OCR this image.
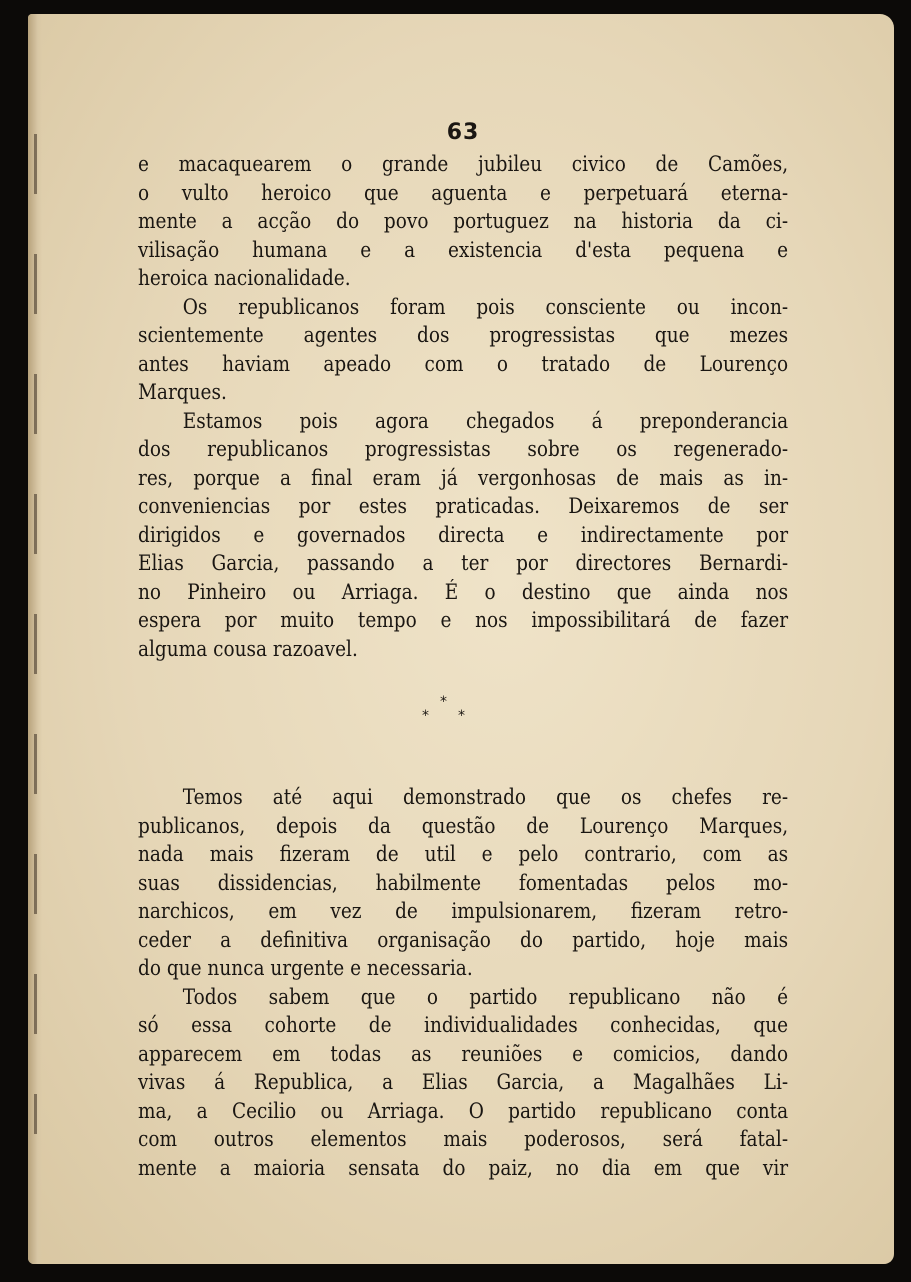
63
e macaquearem o grande jubileu civico de Camões,
o vulto heroico que aguenta e perpetuará eterna-
mente a acção do povo portuguez na historia da ci-
vilisação humana e a existencia d'esta pequena e
heroica nacionalidade.
Os republicanos foram pois consciente ou incon-
scientemente agentes dos progressistas que mezes
antes haviam apeado com o tratado de Lourenço
Marques.
Estamos pois agora chegados á preponderancia
dos republicanos progressistas sobre os regenerado-
res, porque a final eram já vergonhosas de mais as in-
conveniencias por estes praticadas. Deixaremos de ser
dirigidos e governados directa e indirectamente por
Elias Garcia, passando a ter por directores Bernardi-
no Pinheiro ou Arriaga. É o destino que ainda nos
espera por muito tempo e nos impossibilitará de fazer
alguma cousa razoavel.
*
* *
Temos até aqui demonstrado que os chefes re-
publicanos, depois da questão de Lourenço Marques,
nada mais fizeram de util e pelo contrario, com as
suas dissidencias, habilmente fomentadas pelos mo-
narchicos, em vez de impulsionarem, fizeram retro-
ceder a definitiva organisação do partido, hoje mais
do que nunca urgente e necessaria.
Todos sabem que o partido republicano não é
só essa cohorte de individualidades conhecidas, que
apparecem em todas as reuniões e comicios, dando
vivas á Republica, a Elias Garcia, a Magalhães Li-
ma, a Cecilio ou Arriaga. O partido republicano conta
com outros elementos mais poderosos, será fatal-
mente a maioria sensata do paiz, no dia em que vir
